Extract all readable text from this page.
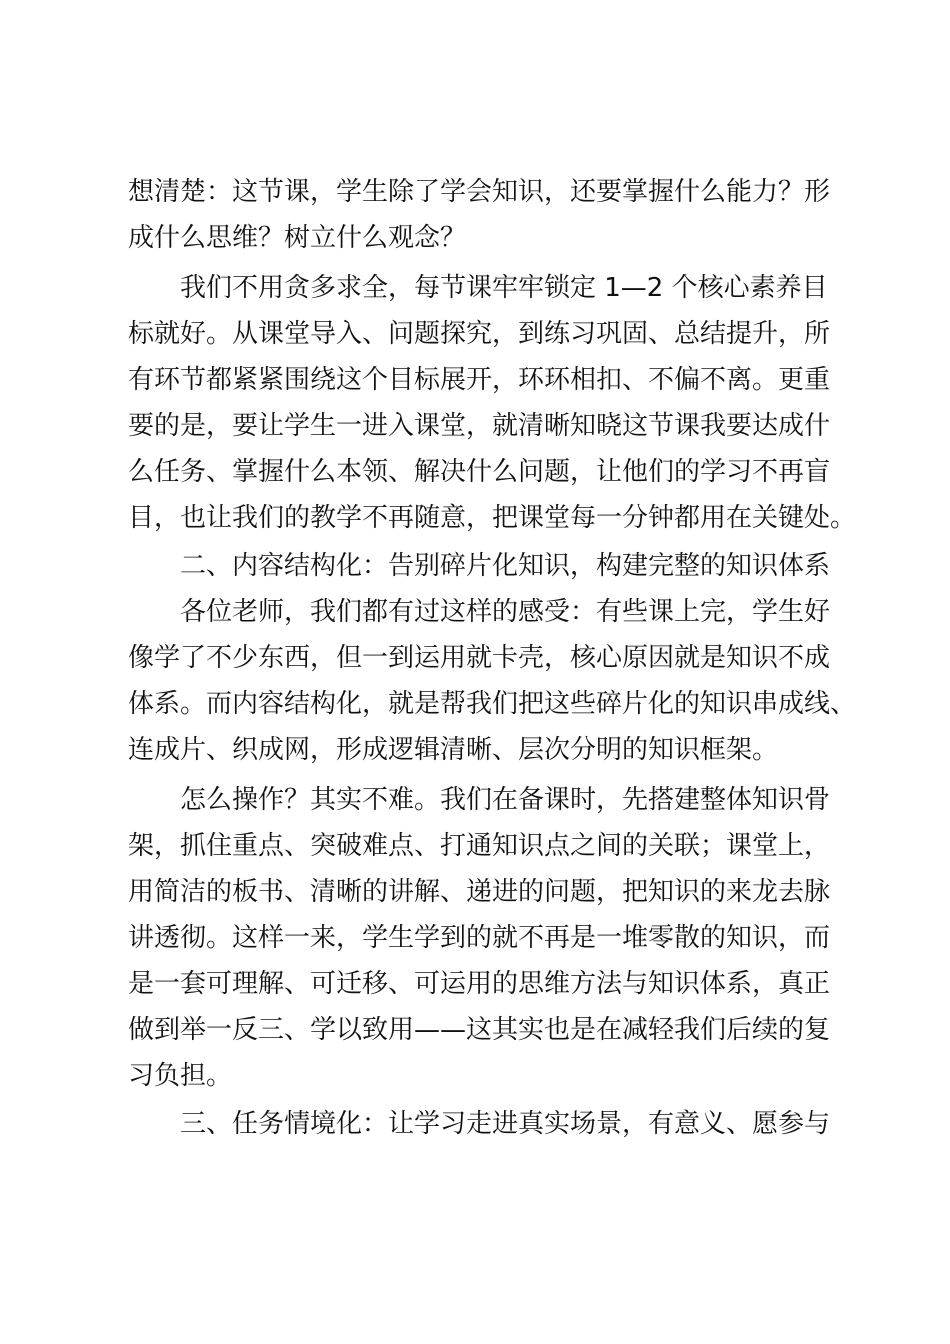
想清楚：这节课，学生除了学会知识，还要掌握什么能力？形
成什么思维？树立什么观念？
我们不用贪多求全，每节课牢牢锁定 1—2 个核心素养目
标就好。从课堂导入、问题探究，到练习巩固、总结提升，所
有环节都紧紧围绕这个目标展开，环环相扣、不偏不离。更重
要的是，要让学生一进入课堂，就清晰知晓这节课我要达成什
么任务、掌握什么本领、解决什么问题，让他们的学习不再盲
目，也让我们的教学不再随意，把课堂每一分钟都用在关键处。
二、内容结构化：告别碎片化知识，构建完整的知识体系
各位老师，我们都有过这样的感受：有些课上完，学生好
像学了不少东西，但一到运用就卡壳，核心原因就是知识不成
体系。而内容结构化，就是帮我们把这些碎片化的知识串成线、
连成片、织成网，形成逻辑清晰、层次分明的知识框架。
怎么操作？其实不难。我们在备课时，先搭建整体知识骨
架，抓住重点、突破难点、打通知识点之间的关联；课堂上，
用简洁的板书、清晰的讲解、递进的问题，把知识的来龙去脉
讲透彻。这样一来，学生学到的就不再是一堆零散的知识，而
是一套可理解、可迁移、可运用的思维方法与知识体系，真正
做到举一反三、学以致用——这其实也是在减轻我们后续的复
习负担。
三、任务情境化：让学习走进真实场景，有意义、愿参与
